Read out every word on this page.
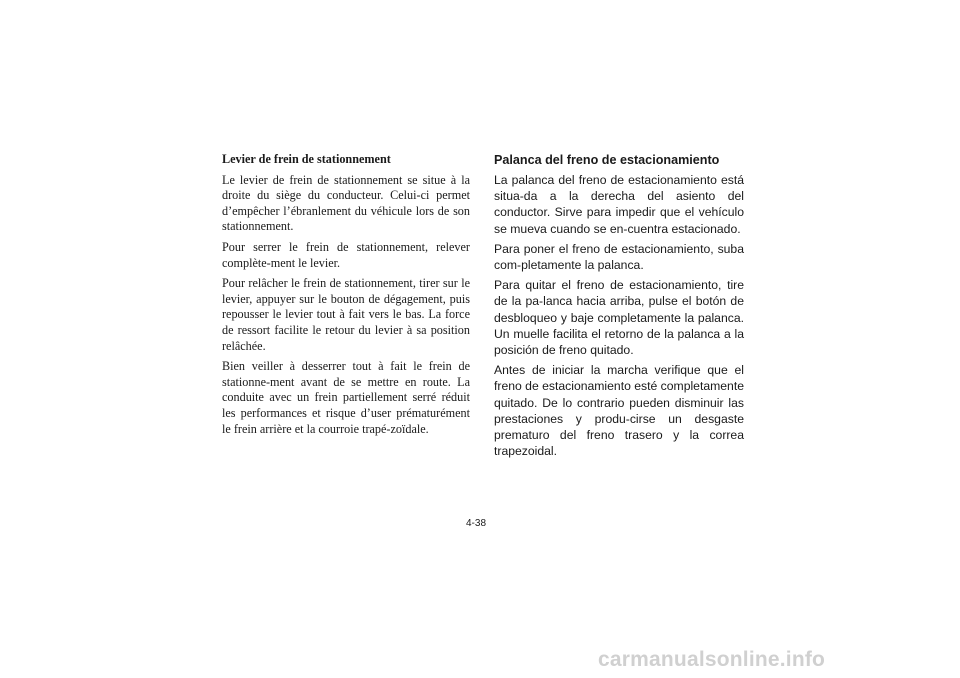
Levier de frein de stationnement

Le levier de frein de stationnement se situe à la droite du siège du conducteur. Celui-ci permet d’empêcher l’ébranlement du véhicule lors de son stationnement.

Pour serrer le frein de stationnement, relever complète-ment le levier.

Pour relâcher le frein de stationnement, tirer sur le levier, appuyer sur le bouton de dégagement, puis repousser le levier tout à fait vers le bas. La force de ressort facilite le retour du levier à sa position relâchée.

Bien veiller à desserrer tout à fait le frein de stationne-ment avant de se mettre en route. La conduite avec un frein partiellement serré réduit les performances et risque d’user prématurément le frein arrière et la courroie trapé-zoïdale.

Palanca del freno de estacionamiento

La palanca del freno de estacionamiento está situa-da a la derecha del asiento del conductor. Sirve para impedir que el vehículo se mueva cuando se en-cuentra estacionado.

Para poner el freno de estacionamiento, suba com-pletamente la palanca.

Para quitar el freno de estacionamiento, tire de la pa-lanca hacia arriba, pulse el botón de desbloqueo y baje completamente la palanca. Un muelle facilita el retorno de la palanca a la posición de freno quitado.

Antes de iniciar la marcha verifique que el freno de estacionamiento esté completamente quitado. De lo contrario pueden disminuir las prestaciones y produ-cirse un desgaste prematuro del freno trasero y la correa trapezoidal.

4-38
carmanualsonline.info
